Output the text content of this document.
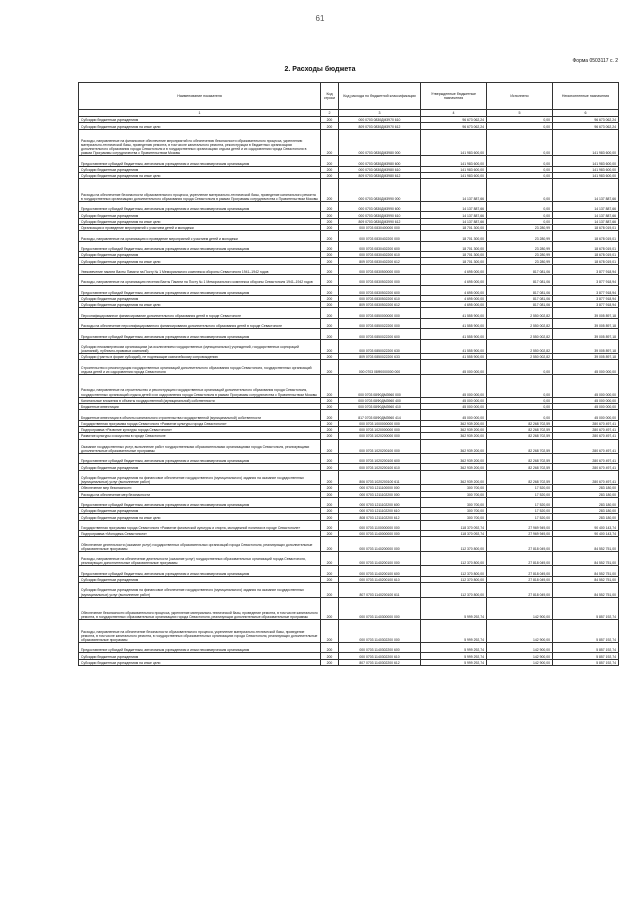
61
Форма 0503117 с. 2
2. Расходы бюджета
Наименование показателя	Код строки	Код расхода по бюджетной классификации	Утвержденные бюджетные назначения	Исполнено	Неисполненные назначения
1	2	3	4	5	6
Субсидии бюджетным учреждениям	200	000 0703 0830ДМ3970 610	96 673 062,24	0,00	96 673 062,24
Субсидии бюджетным учреждениям на иные цели	200	809 0703 0830ДМ3970 612	96 673 062,24	0,00	96 673 062,24
Расходы, направленные на финансовое обеспечение мероприятий по обеспечению безопасности образовательного процесса, укреплению материально-технической базы, проведению ремонта, в том числе капитального ремонта, реконструкции в бюджетных организациях дополнительного образования города Севастополя и в государственных организациях отдыха детей и их оздоровления города Севастополя в рамках Программы сотрудничества с Правительством Москвы	200	000 0703 0830ДМ3980 000	141 983 600,00	0,00	141 983 600,00
Предоставление субсидий бюджетным, автономным учреждениям и иным некоммерческим организациям	200	000 0703 0830ДМ3980 600	141 983 600,00	0,00	141 983 600,00
Субсидии бюджетным учреждениям	200	000 0703 0830ДМ3980 610	141 983 600,00	0,00	141 983 600,00
Субсидии бюджетным учреждениям на иные цели	200	809 0703 0830ДМ3980 612	141 983 600,00	0,00	141 983 600,00
Расходы на обеспечение безопасности образовательного процесса, укрепление материально-технической базы, проведение капитального ремонта в государственных организациях дополнительного образования города Севастополя в рамках Программы сотрудничества с Правительством Москвы	200	000 0703 0830ДМ3990 000	14 137 887,66	0,00	14 137 887,66
Предоставление субсидий бюджетным, автономным учреждениям и иным некоммерческим организациям	200	000 0703 0830ДМ3990 600	14 137 887,66	0,00	14 137 887,66
Субсидии бюджетным учреждениям	200	000 0703 0830ДМ3990 610	14 137 887,66	0,00	14 137 887,66
Субсидии бюджетным учреждениям на иные цели	200	809 0703 0830ДМ3990 612	14 137 887,66	0,00	14 137 887,66
Организация и проведение мероприятий с участием детей и молодежи	200	000 0703 0830400000 000	18 701 300,00	23 280,99	18 678 019,01
Расходы, направленные на организацию и проведение мероприятий с участием детей и молодежи	200	000 0703 0830402200 000	18 701 300,00	23 280,99	18 678 019,01
Предоставление субсидий бюджетным, автономным учреждениям и иным некоммерческим организациям	200	000 0703 0830402200 600	18 701 300,00	23 280,99	18 678 019,01
Субсидии бюджетным учреждениям	200	000 0703 0830402200 610	18 701 300,00	23 280,99	18 678 019,01
Субсидии бюджетным учреждениям на иные цели	200	809 0703 0830402200 612	18 701 300,00	23 280,99	18 678 019,01
Увековечение памяти Вахты Памяти на Посту № 1 Мемориального комплекса обороны Севастополя 1941–1942 годов	200	000 0703 0830500000 000	4 695 000,00	817 081,06	3 877 918,94
Расходы, направленные на организацию несения Вахты Памяти на Посту № 1 Мемориального комплекса обороны Севастополя 1941–1942 годов	200	000 0703 0830502200 000	4 695 000,00	817 081,06	3 877 918,94
Предоставление субсидий бюджетным, автономным учреждениям и иным некоммерческим организациям	200	000 0703 0830502200 600	4 695 000,00	817 081,06	3 877 918,94
Субсидии бюджетным учреждениям	200	000 0703 0830502200 610	4 695 000,00	817 081,06	3 877 918,94
Субсидии бюджетным учреждениям на иные цели	200	809 0703 0830502200 612	4 695 000,00	817 081,06	3 877 918,94
Персонифицированное финансирование дополнительного образования детей в городе Севастополе	200	000 0703 0850000000 000	41 555 900,00	2 550 002,82	39 005 897,18
Расходы на обеспечение персонифицированного финансирования дополнительного образования детей в городе Севастополе	200	000 0703 0850022200 000	41 555 900,00	2 550 002,82	39 005 897,18
Предоставление субсидий бюджетным, автономным учреждениям и иным некоммерческим организациям	200	000 0703 0850022200 600	41 555 900,00	2 550 002,82	39 005 897,18
Субсидии некоммерческим организациям (за исключением государственных (муниципальных) учреждений, государственных корпораций (компаний), публично-правовых компаний)	200	000 0703 0850022200 630	41 555 900,00	2 550 002,82	39 005 897,18
Субсидии (гранты в форме субсидий), не подлежащие казначейскому сопровождению	200	809 0703 0850022200 633	41 555 900,00	2 550 002,82	39 005 897,18
Строительство и реконструкция государственных организаций дополнительного образования города Севастополя, государственных организаций отдыха детей и их оздоровления города Севастополя	200	000 0703 08Ф0000000 000	45 000 000,00	0,00	45 000 000,00
Расходы, направленные на строительство и реконструкцию государственных организаций дополнительного образования города Севастополя, государственных организаций отдыха детей и их оздоровления города Севастополя в рамках Программы сотрудничества с Правительством Москвы	200	000 0703 08Ф0ДМ3960 000	45 000 000,00	0,00	45 000 000,00
Капитальные вложения в объекты государственной (муниципальной) собственности	200	000 0703 08Ф0ДМ3960 400	45 000 000,00	0,00	45 000 000,00
Бюджетные инвестиции	200	000 0703 08Ф0ДМ3960 410	45 000 000,00	0,00	45 000 000,00
Бюджетные инвестиции в объекты капитального строительства государственной (муниципальной) собственности	200	817 0703 08Ф0ДМ3960 414	45 000 000,00	0,00	45 000 000,00
Государственная программа города Севастополя «Развитие культуры города Севастополя»	200	000 0703 1000000000 000	362 939 200,00	82 268 702,59	280 670 497,41
Подпрограмма «Развитие культуры города Севастополя»	200	000 0703 1020000000 000	362 939 200,00	82 268 702,59	280 670 497,41
Развитие культуры и искусства в городе Севастополе	200	000 0703 1020200000 000	362 939 200,00	82 268 702,59	280 670 497,41
Оказание государственных услуг, выполнение работ государственными образовательными организациями города Севастополя, реализующими дополнительные образовательные программы	200	000 0703 1020200100 000	362 939 200,00	82 268 702,59	280 670 497,41
Предоставление субсидий бюджетным, автономным учреждениям и иным некоммерческим организациям	200	000 0703 1020200100 600	362 939 200,00	82 268 702,59	280 670 497,41
Субсидии бюджетным учреждениям	200	000 0703 1020200100 610	362 939 200,00	82 268 702,59	280 670 497,41
Субсидии бюджетным учреждениям на финансовое обеспечение государственного (муниципального) задания на оказание государственных (муниципальных) услуг (выполнение работ)	200	806 0703 1020200100 611	362 939 200,00	82 268 702,59	280 670 497,41
Обеспечение мер безопасности	200	000 0703 1211100000 000	300 700,00	17 520,00	283 180,00
Расходы на обеспечение мер безопасности	200	000 0703 1211102200 000	300 700,00	17 520,00	283 180,00
Предоставление субсидий бюджетным, автономным учреждениям и иным некоммерческим организациям	200	000 0703 1211102200 600	300 700,00	17 520,00	283 180,00
Субсидии бюджетным учреждениям	200	000 0703 1211102200 610	300 700,00	17 520,00	283 180,00
Субсидии бюджетным учреждениям на иные цели	200	808 0703 1211102200 612	300 700,00	17 520,00	283 180,00
Государственная программа города Севастополя «Развитие физической культуры и спорта, молодежной политики в городе Севастополе»	200	000 0703 1100000000 000	118 370 092,74	27 969 949,00	90 400 143,74
Подпрограмма «Молодежь Севастополя»	200	000 0703 1140000000 000	118 370 092,74	27 969 949,00	90 400 143,74
Обеспечение деятельности (оказание услуг) государственных образовательных организаций города Севастополя, реализующих дополнительные образовательные программы	200	000 0703 1140200000 000	112 370 800,00	27 818 049,00	84 552 751,00
Расходы, направленные на обеспечение деятельности (оказание услуг) государственных образовательных организаций города Севастополя, реализующих дополнительные образовательные программы	200	000 0703 1140200100 000	112 370 800,00	27 818 049,00	84 552 751,00
Предоставление субсидий бюджетным, автономным учреждениям и иным некоммерческим организациям	200	000 0703 1140200100 600	112 370 800,00	27 818 049,00	84 552 751,00
Субсидии бюджетным учреждениям	200	000 0703 1140200100 610	112 370 800,00	27 818 049,00	84 552 751,00
Субсидии бюджетным учреждениям на финансовое обеспечение государственного (муниципального) задания на оказание государственных (муниципальных) услуг (выполнение работ)	200	807 0703 1140200100 611	112 370 800,00	27 818 049,00	84 552 751,00
Обеспечение безопасности образовательного процесса, укрепление материально-технической базы, проведение ремонта, в том числе капитального ремонта, в государственных образовательных организациях города Севастополя, реализующих дополнительные образовательные программы	200	000 0703 1140300000 000	5 999 292,74	142 900,00	5 857 192,74
Расходы, направленные на обеспечение безопасности образовательного процесса, укрепление материально-технической базы, проведение ремонта, в том числе капитального ремонта, в государственных образовательных организациях города Севастополя, реализующих дополнительные образовательные программы	200	000 0703 1140302200 000	5 999 292,74	142 900,00	5 857 192,74
Предоставление субсидий бюджетным, автономным учреждениям и иным некоммерческим организациям	200	000 0703 1140302200 600	5 999 292,74	142 900,00	5 857 192,74
Субсидии бюджетным учреждениям	200	000 0703 1140302200 610	5 999 292,74	142 900,00	5 857 192,74
Субсидии бюджетным учреждениям на иные цели	200	807 0703 1140302200 612	5 999 292,74	142 900,00	5 857 192,74
